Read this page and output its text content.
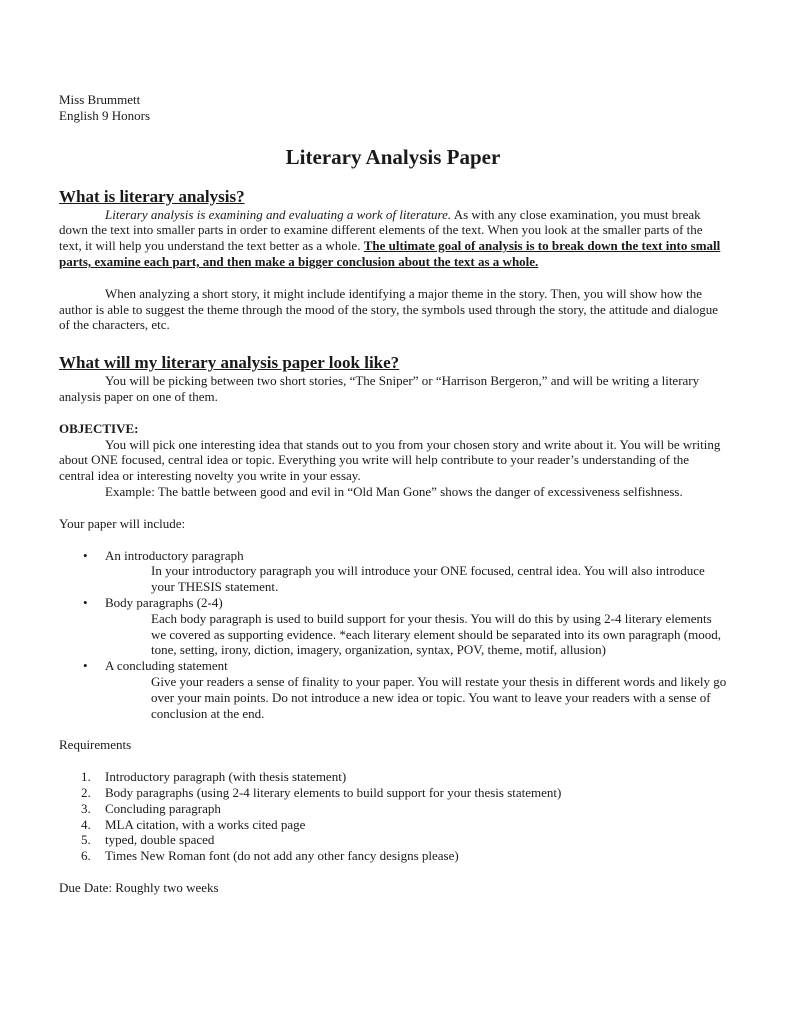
Miss Brummett
English 9 Honors
Literary Analysis Paper
What is literary analysis?

Literary analysis is examining and evaluating a work of literature. As with any close examination, you must break down the text into smaller parts in order to examine different elements of the text. When you look at the smaller parts of the text, it will help you understand the text better as a whole. The ultimate goal of analysis is to break down the text into small parts, examine each part, and then make a bigger conclusion about the text as a whole.

When analyzing a short story, it might include identifying a major theme in the story. Then, you will show how the author is able to suggest the theme through the mood of the story, the symbols used through the story, the attitude and dialogue of the characters, etc.

What will my literary analysis paper look like?

You will be picking between two short stories, “The Sniper” or “Harrison Bergeron,” and will be writing a literary analysis paper on one of them.

OBJECTIVE:

You will pick one interesting idea that stands out to you from your chosen story and write about it. You will be writing about ONE focused, central idea or topic. Everything you write will help contribute to your reader’s understanding of the central idea or interesting novelty you write in your essay.

Example: The battle between good and evil in “Old Man Gone” shows the danger of excessiveness selfishness.

Your paper will include:
• An introductory paragraph
In your introductory paragraph you will introduce your ONE focused, central idea. You will also introduce your THESIS statement.
• Body paragraphs (2-4)
Each body paragraph is used to build support for your thesis. You will do this by using 2-4 literary elements we covered as supporting evidence. *each literary element should be separated into its own paragraph (mood, tone, setting, irony, diction, imagery, organization, syntax, POV, theme, motif, allusion)
• A concluding statement
Give your readers a sense of finality to your paper. You will restate your thesis in different words and likely go over your main points. Do not introduce a new idea or topic. You want to leave your readers with a sense of conclusion at the end.
Requirements
1. Introductory paragraph (with thesis statement)
2. Body paragraphs (using 2-4 literary elements to build support for your thesis statement)
3. Concluding paragraph
4. MLA citation, with a works cited page
5. typed, double spaced
6. Times New Roman font (do not add any other fancy designs please)
Due Date: Roughly two weeks
